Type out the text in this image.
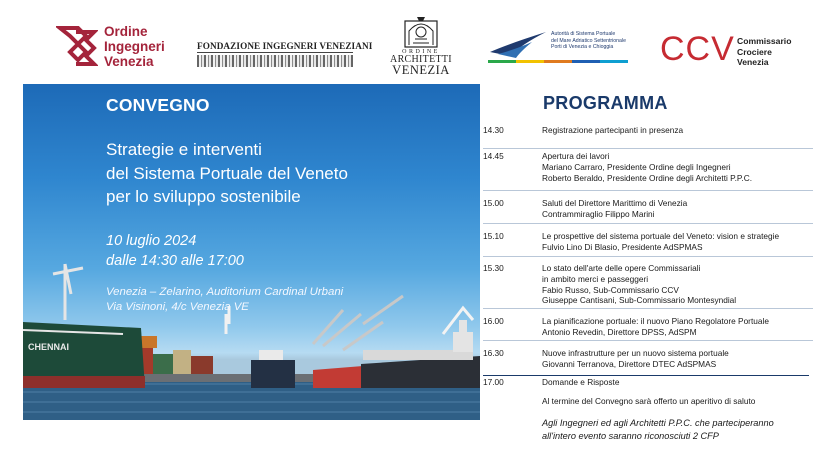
Ordine
Ingegneri
Venezia
FONDAZIONE INGEGNERI VENEZIANI
ORDINE
ARCHITETTI
VENEZIA
Autorità di Sistema Portuale
del Mare Adriatico Settentrionale
Porti di Venezia e Chioggia	CCV Commissario
Crociere
Venezia
CHENNAI
CONVEGNO
Strategie e interventi
del Sistema Portuale del Veneto
per lo sviluppo sostenibile
10 luglio 2024
dalle 14:30 alle 17:00
Venezia – Zelarino, Auditorium Cardinal Urbani
Via Visinoni, 4/c Venezia VE
PROGRAMMA
14.30	Registrazione partecipanti in presenza
14.45	Apertura dei lavori
Mariano Carraro, Presidente Ordine degli Ingegneri
Roberto Beraldo, Presidente Ordine degli Architetti P.P.C.
15.00	Saluti del Direttore Marittimo di Venezia
Contrammiraglio Filippo Marini
15.10	Le prospettive del sistema portuale del Veneto: vision e strategie
Fulvio Lino Di Blasio, Presidente AdSPMAS
15.30	Lo stato dell'arte delle opere Commissariali
in ambito merci e passeggeri
Fabio Russo, Sub-Commissario CCV
Giuseppe Cantisani, Sub-Commissario Montesyndial
16.00	La pianificazione portuale: il nuovo Piano Regolatore Portuale
Antonio Revedin, Direttore DPSS, AdSPM
16.30	Nuove infrastrutture per un nuovo sistema portuale
Giovanni Terranova, Direttore DTEC AdSPMAS
17.00	Domande e Risposte
Al termine del Convegno sarà offerto un aperitivo di saluto
Agli Ingegneri ed agli Architetti P.P.C. che parteciperanno
all'intero evento saranno riconosciuti 2 CFP
